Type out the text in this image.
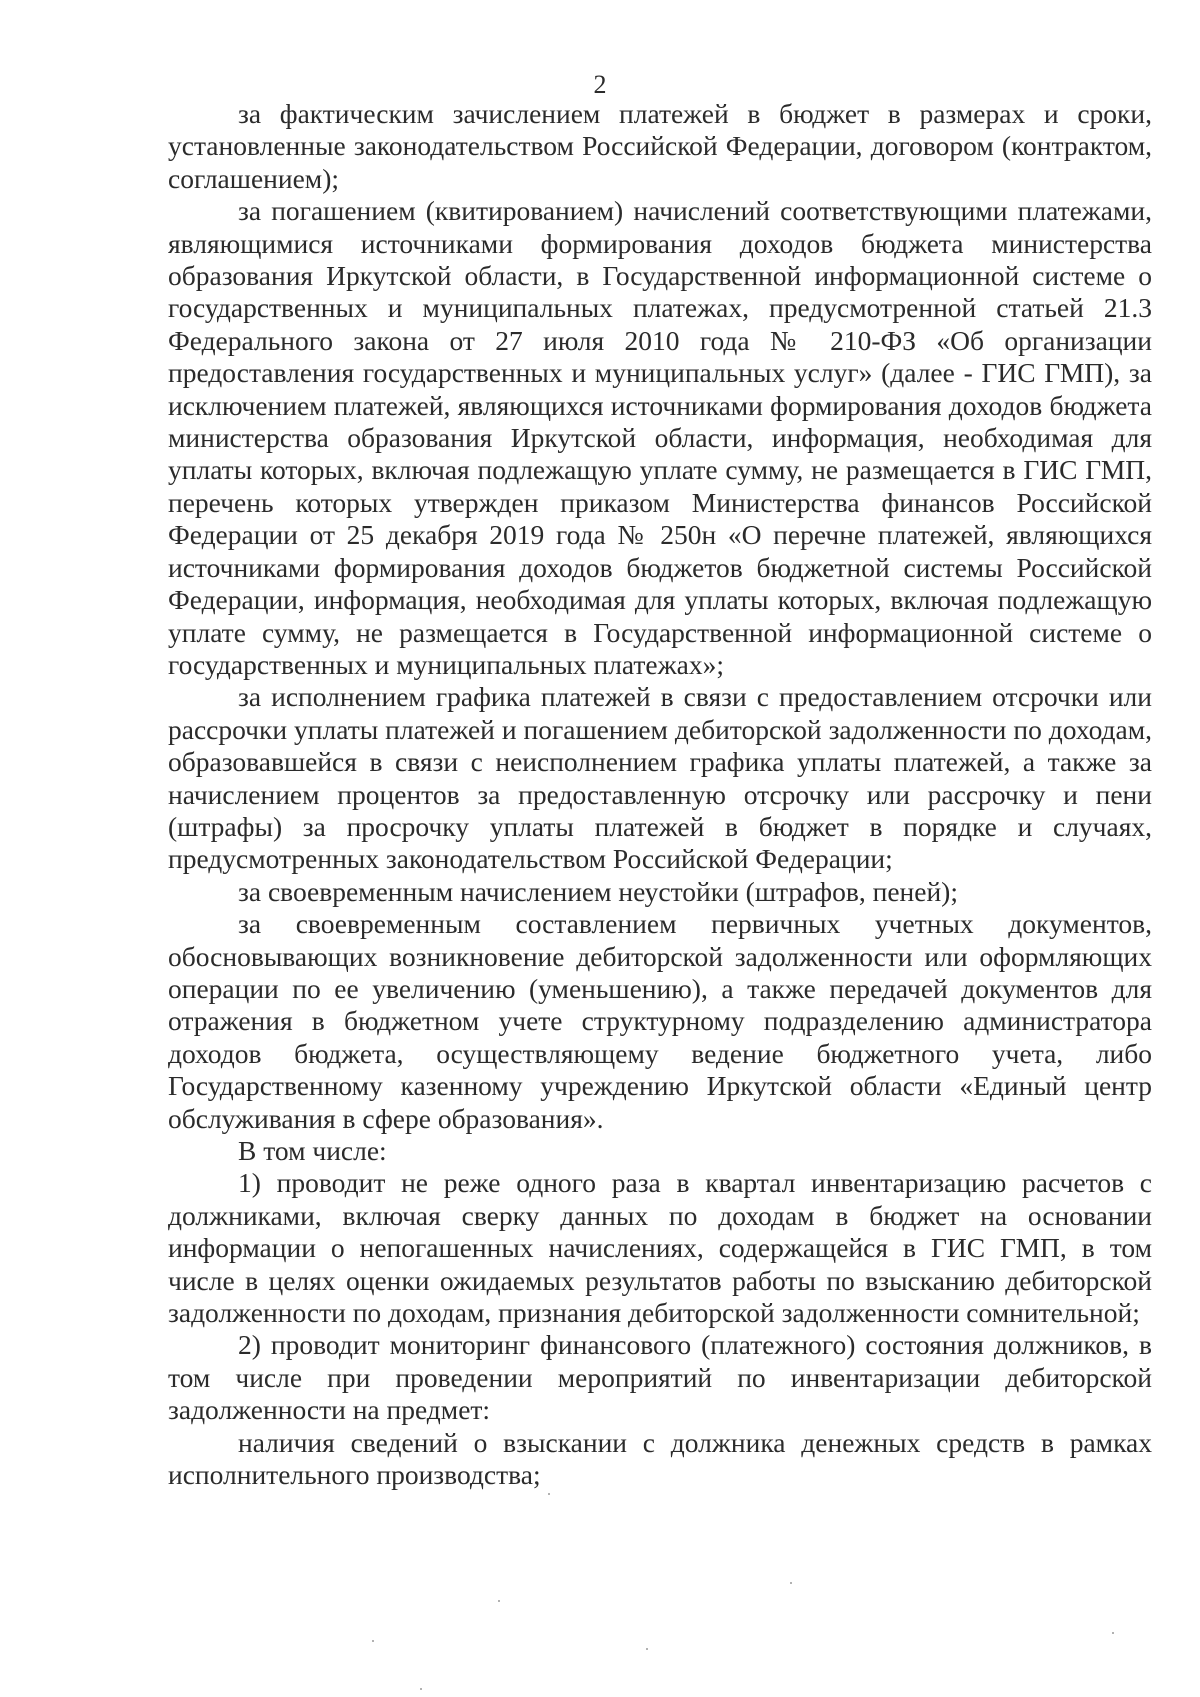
2

за фактическим зачислением платежей в бюджет в размерах и сроки, установленные законодательством Российской Федерации, договором (контрактом, соглашением);

за погашением (квитированием) начислений соответствующими платежами, являющимися источниками формирования доходов бюджета министерства образования Иркутской области, в Государственной информационной системе о государственных и муниципальных платежах, предусмотренной статьей 21.3 Федерального закона от 27 июля 2010 года № 210-ФЗ «Об организации предоставления государственных и муниципальных услуг» (далее - ГИС ГМП), за исключением платежей, являющихся источниками формирования доходов бюджета министерства образования Иркутской области, информация, необходимая для уплаты которых, включая подлежащую уплате сумму, не размещается в ГИС ГМП, перечень которых утвержден приказом Министерства финансов Российской Федерации от 25 декабря 2019 года № 250н «О перечне платежей, являющихся источниками формирования доходов бюджетов бюджетной системы Российской Федерации, информация, необходимая для уплаты которых, включая подлежащую уплате сумму, не размещается в Государственной информационной системе о государственных и муниципальных платежах»;

за исполнением графика платежей в связи с предоставлением отсрочки или рассрочки уплаты платежей и погашением дебиторской задолженности по доходам, образовавшейся в связи с неисполнением графика уплаты платежей, а также за начислением процентов за предоставленную отсрочку или рассрочку и пени (штрафы) за просрочку уплаты платежей в бюджет в порядке и случаях, предусмотренных законодательством Российской Федерации;

за своевременным начислением неустойки (штрафов, пеней);

за своевременным составлением первичных учетных документов, обосновывающих возникновение дебиторской задолженности или оформляющих операции по ее увеличению (уменьшению), а также передачей документов для отражения в бюджетном учете структурному подразделению администратора доходов бюджета, осуществляющему ведение бюджетного учета, либо Государственному казенному учреждению Иркутской области «Единый центр обслуживания в сфере образования».

В том числе:

1) проводит не реже одного раза в квартал инвентаризацию расчетов с должниками, включая сверку данных по доходам в бюджет на основании информации о непогашенных начислениях, содержащейся в ГИС ГМП, в том числе в целях оценки ожидаемых результатов работы по взысканию дебиторской задолженности по доходам, признания дебиторской задолженности сомнительной;

2) проводит мониторинг финансового (платежного) состояния должников, в том числе при проведении мероприятий по инвентаризации дебиторской задолженности на предмет:

наличия сведений о взыскании с должника денежных средств в рамках исполнительного производства;
